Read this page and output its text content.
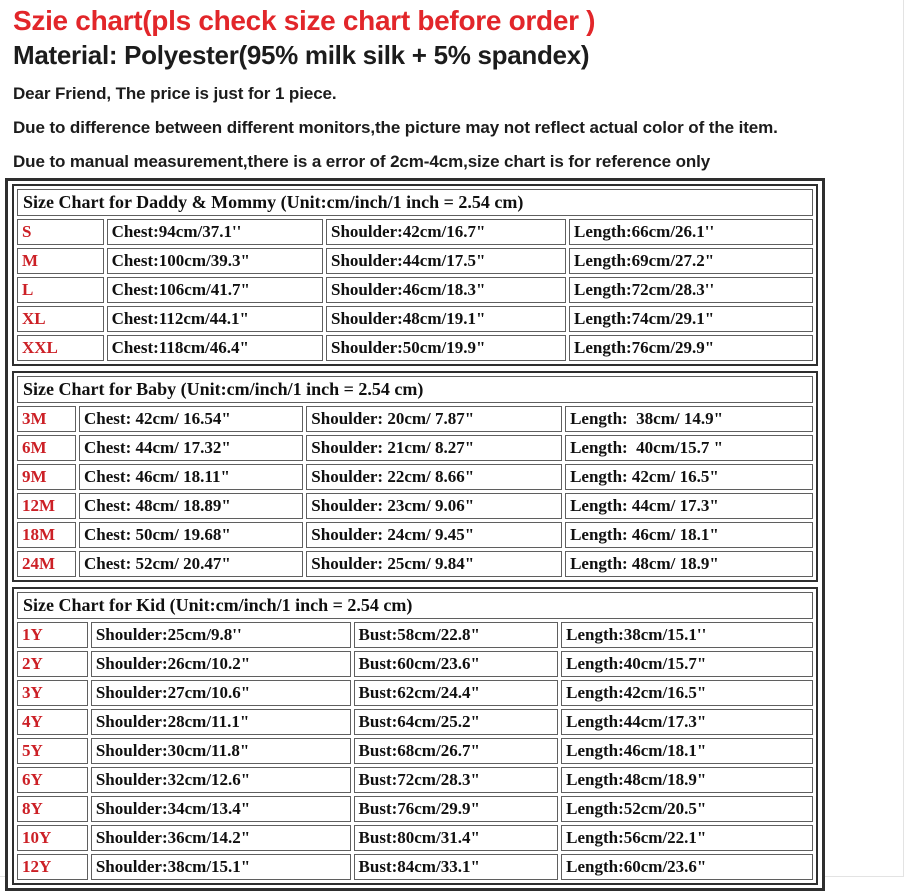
Szie chart(pls check size chart before order )
Material: Polyester(95% milk silk + 5% spandex)
Dear Friend, The price is just for 1 piece.
Due to difference between different monitors,the picture may not reflect actual color of the item.
Due to manual measurement,there is a error of 2cm-4cm,size chart is for reference only
Size Chart for Daddy & Mommy (Unit:cm/inch/1 inch = 2.54 cm)			
S	Chest:94cm/37.1''	Shoulder:42cm/16.7"	Length:66cm/26.1''
M	Chest:100cm/39.3"	Shoulder:44cm/17.5"	Length:69cm/27.2"
L	Chest:106cm/41.7"	Shoulder:46cm/18.3"	Length:72cm/28.3''
XL	Chest:112cm/44.1"	Shoulder:48cm/19.1"	Length:74cm/29.1"
XXL	Chest:118cm/46.4"	Shoulder:50cm/19.9"	Length:76cm/29.9"
Size Chart for Baby (Unit:cm/inch/1 inch = 2.54 cm)			
3M	Chest: 42cm/ 16.54"	Shoulder: 20cm/ 7.87"	Length:  38cm/ 14.9"
6M	Chest: 44cm/ 17.32"	Shoulder: 21cm/ 8.27"	Length:  40cm/15.7 "
9M	Chest: 46cm/ 18.11"	Shoulder: 22cm/ 8.66"	Length: 42cm/ 16.5"
12M	Chest: 48cm/ 18.89"	Shoulder: 23cm/ 9.06"	Length: 44cm/ 17.3"
18M	Chest: 50cm/ 19.68"	Shoulder: 24cm/ 9.45"	Length: 46cm/ 18.1"
24M	Chest: 52cm/ 20.47"	Shoulder: 25cm/ 9.84"	Length: 48cm/ 18.9"
Size Chart for Kid (Unit:cm/inch/1 inch = 2.54 cm)			
1Y	Shoulder:25cm/9.8''	Bust:58cm/22.8"	Length:38cm/15.1''
2Y	Shoulder:26cm/10.2"	Bust:60cm/23.6"	Length:40cm/15.7"
3Y	Shoulder:27cm/10.6"	Bust:62cm/24.4"	Length:42cm/16.5"
4Y	Shoulder:28cm/11.1"	Bust:64cm/25.2"	Length:44cm/17.3"
5Y	Shoulder:30cm/11.8"	Bust:68cm/26.7"	Length:46cm/18.1"
6Y	Shoulder:32cm/12.6"	Bust:72cm/28.3"	Length:48cm/18.9"
8Y	Shoulder:34cm/13.4"	Bust:76cm/29.9"	Length:52cm/20.5"
10Y	Shoulder:36cm/14.2"	Bust:80cm/31.4"	Length:56cm/22.1"
12Y	Shoulder:38cm/15.1"	Bust:84cm/33.1"	Length:60cm/23.6"
